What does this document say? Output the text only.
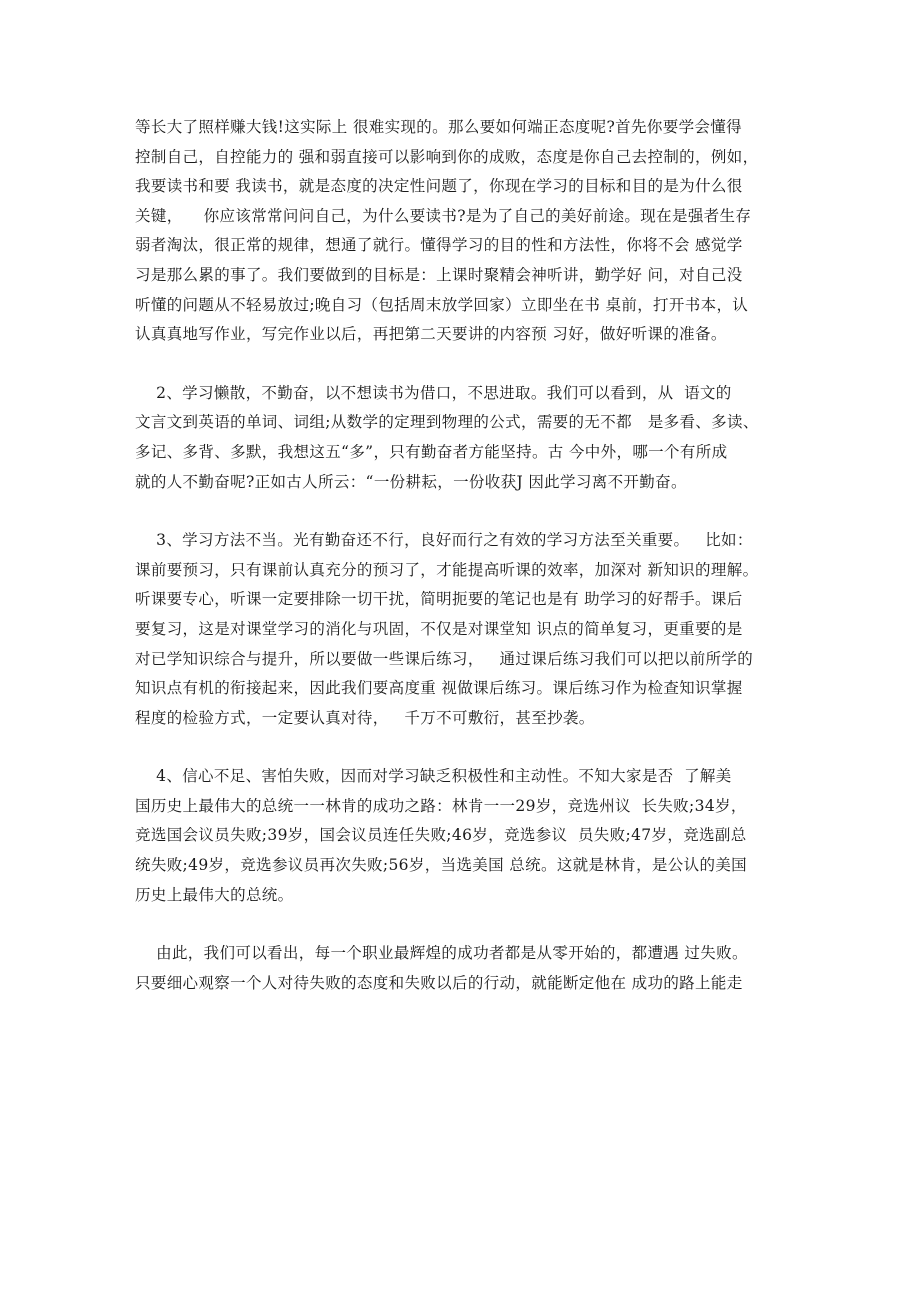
等长大了照样赚大钱!这实际上 很难实现的。那么要如何端正态度呢?首先你要学会懂得
控制自己，自控能力的 强和弱直接可以影响到你的成败，态度是你自己去控制的，例如，
我要读书和要 我读书，就是态度的决定性问题了，你现在学习的目标和目的是为什么很
关键，    你应该常常问问自己，为什么要读书?是为了自己的美好前途。现在是强者生存
弱者淘汰，很正常的规律，想通了就行。懂得学习的目的性和方法性，你将不会 感觉学
习是那么累的事了。我们要做到的目标是：上课时聚精会神听讲，勤学好 问，对自己没
听懂的问题从不轻易放过;晚自习（包括周末放学回家）立即坐在书 桌前，打开书本，认
认真真地写作业，写完作业以后，再把第二天要讲的内容预 习好，做好听课的准备。
2、学习懒散，不勤奋，以不想读书为借口，不思进取。我们可以看到，从  语文的
文言文到英语的单词、词组;从数学的定理到物理的公式，需要的无不都   是多看、多读、
多记、多背、多默，我想这五“多”，只有勤奋者方能坚持。古 今中外，哪一个有所成
就的人不勤奋呢?正如古人所云：“一份耕耘，一份收获J 因此学习离不开勤奋。
3、学习方法不当。光有勤奋还不行，良好而行之有效的学习方法至关重要。   比如：
课前要预习，只有课前认真充分的预习了，才能提高听课的效率，加深对 新知识的理解。
听课要专心，听课一定要排除一切干扰，简明扼要的笔记也是有 助学习的好帮手。课后
要复习，这是对课堂学习的消化与巩固，不仅是对课堂知 识点的简单复习，更重要的是
对已学知识综合与提升，所以要做一些课后练习，   通过课后练习我们可以把以前所学的
知识点有机的衔接起来，因此我们要高度重 视做课后练习。课后练习作为检查知识掌握
程度的检验方式，一定要认真对待，   千万不可敷衍，甚至抄袭。
4、信心不足、害怕失败，因而对学习缺乏积极性和主动性。不知大家是否  了解美
国历史上最伟大的总统一一林肯的成功之路：林肯一一29岁，竞选州议  长失败;34岁，
竞选国会议员失败;39岁，国会议员连任失败;46岁，竞选参议  员失败;47岁，竞选副总
统失败;49岁，竞选参议员再次失败;56岁，当选美国 总统。这就是林肯，是公认的美国
历史上最伟大的总统。
由此，我们可以看出，每一个职业最辉煌的成功者都是从零开始的，都遭遇 过失败。
只要细心观察一个人对待失败的态度和失败以后的行动，就能断定他在 成功的路上能走
